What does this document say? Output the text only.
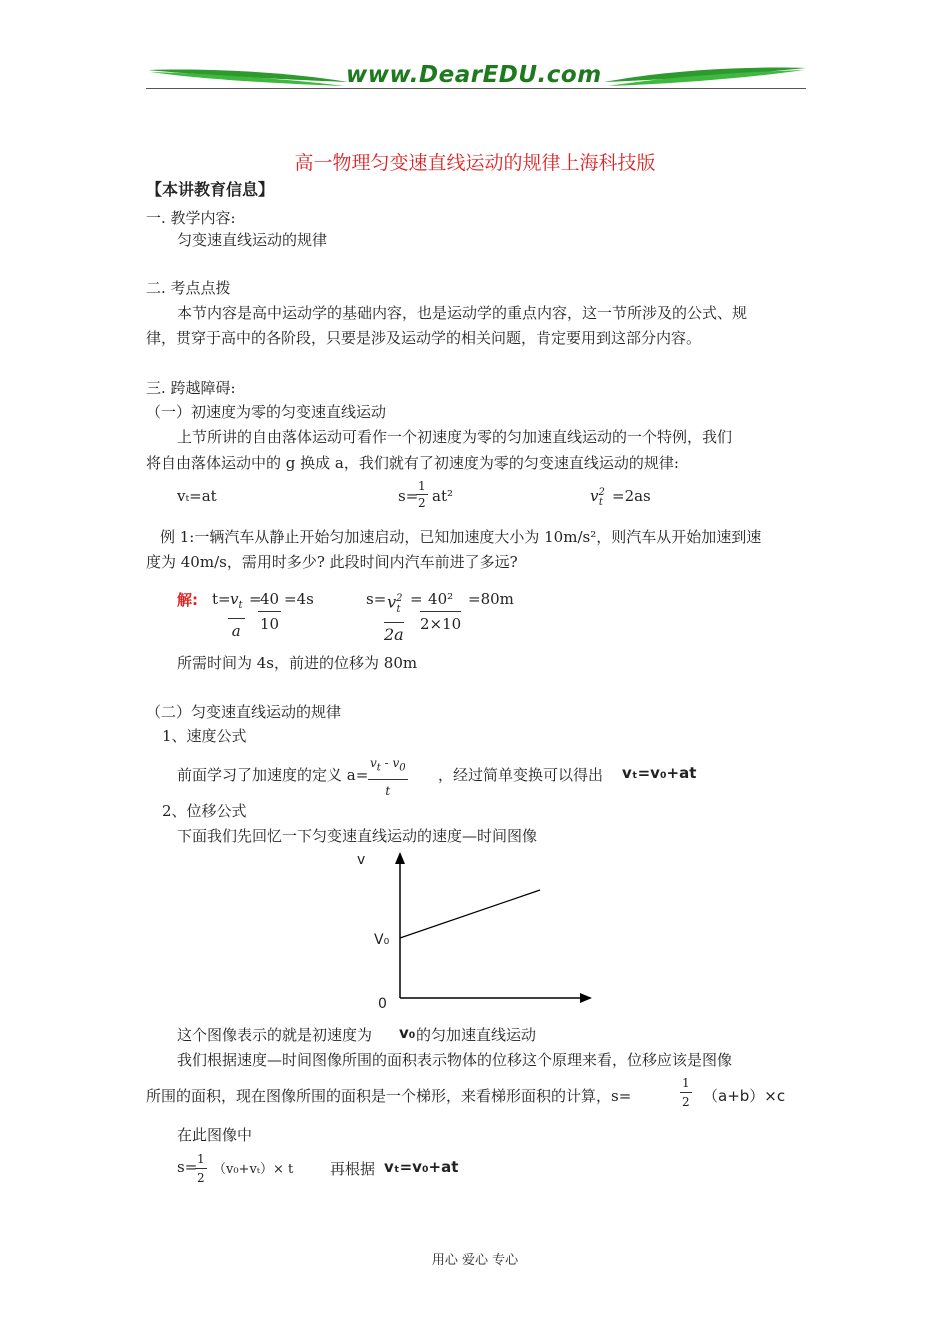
www.DearEDU.com
高一物理匀变速直线运动的规律上海科技版
【本讲教育信息】
一. 教学内容:
匀变速直线运动的规律
二. 考点点拨
本节内容是高中运动学的基础内容，也是运动学的重点内容，这一节所涉及的公式、规
律，贯穿于高中的各阶段，只要是涉及运动学的相关问题，肯定要用到这部分内容。
三. 跨越障碍:
（一）初速度为零的匀变速直线运动
上节所讲的自由落体运动可看作一个初速度为零的匀加速直线运动的一个特例，我们
将自由落体运动中的 g 换成 a，我们就有了初速度为零的匀变速直线运动的规律:
vₜ=at	s=
$\frac{1}{2} at^2$	$v^2_t =2as$
例 1:一辆汽车从静止开始匀加速启动，已知加速度大小为 10m/s²，则汽车从开始加速到速
度为 40m/s，需用时多少? 此段时间内汽车前进了多远?
解: t=
$\frac{v_t}{a}$ =
$\frac{40}{10} =4s$	s=
$\frac{v^2_t}{2a}$ =
$\frac{\text{40²}}{2\times 10} =80m$
所需时间为 4s，前进的位移为 80m
（二）匀变速直线运动的规律
1、速度公式
前面学习了加速度的定义 $a= \frac{v_t - v_0}{t}$ ，经过简单变换可以得出 vₜ=v₀+at
2、位移公式
下面我们先回忆一下匀变速直线运动的速度—时间图像
v
V₀
0
这个图像表示的就是初速度为 v₀ 的匀加速直线运动
我们根据速度—时间图像所围的面积表示物体的位移这个原理来看，位移应该是图像
所围的面积，现在图像所围的面积是一个梯形，来看梯形面积的计算，s=	$\frac{1}{2} (a+b)\times c$
在此图像中
s=
$\frac{1}{2} (v_0+v_t)\times t$ 再根据 vₜ=v₀+at
用心 爱心 专心
